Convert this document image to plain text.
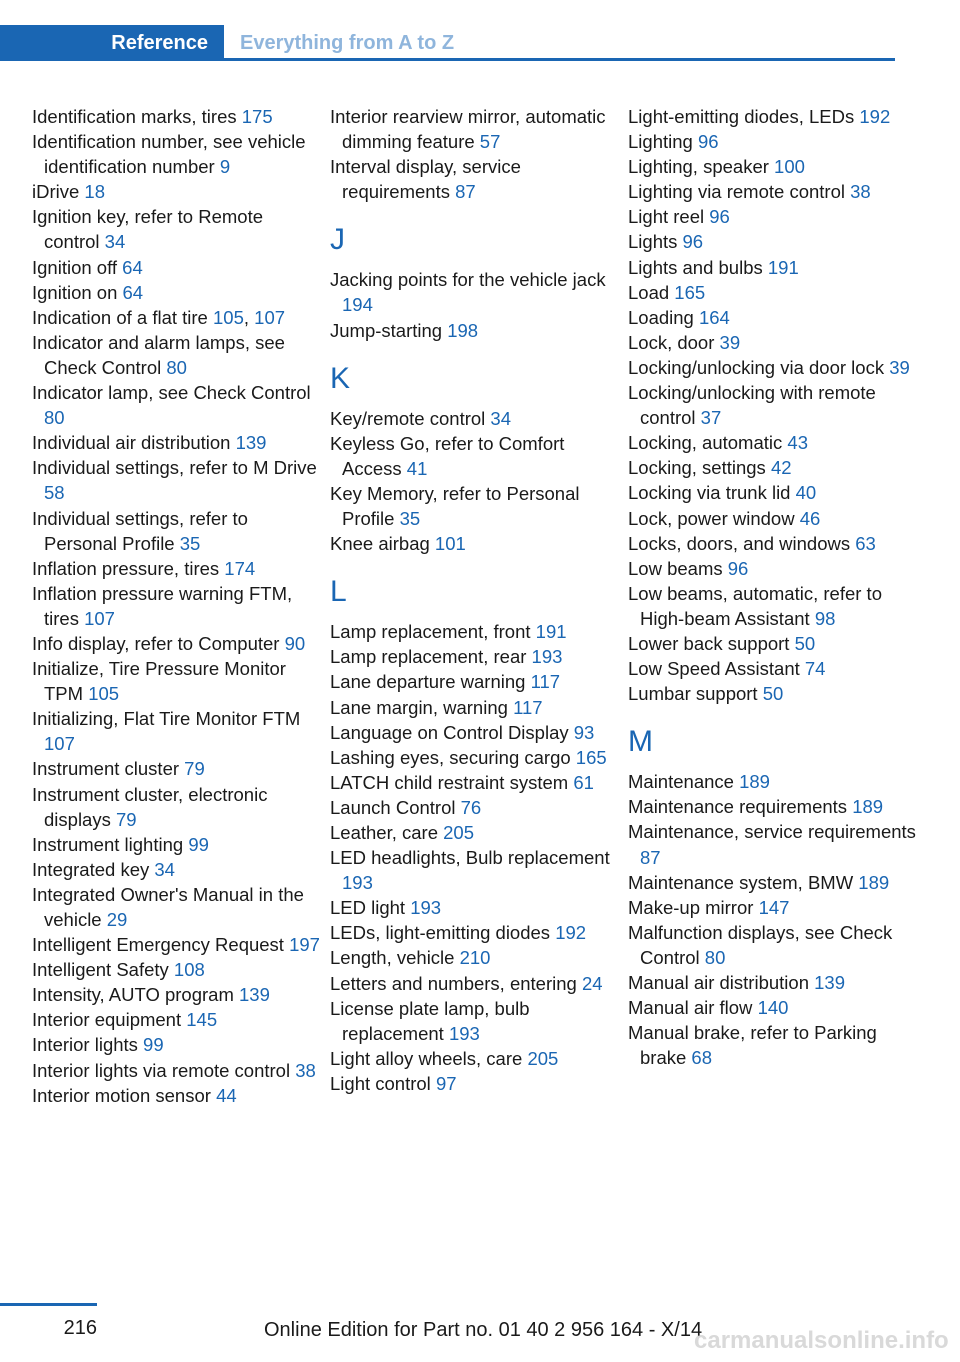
Reference	Everything from A to Z
Identification marks, tires 175
Identification number, see vehicle identification number 9
iDrive 18
Ignition key, refer to Remote control 34
Ignition off 64
Ignition on 64
Indication of a flat tire 105, 107
Indicator and alarm lamps, see Check Control 80
Indicator lamp, see Check Control 80
Individual air distribution 139
Individual settings, refer to M Drive 58
Individual settings, refer to Personal Profile 35
Inflation pressure, tires 174
Inflation pressure warning FTM, tires 107
Info display, refer to Computer 90
Initialize, Tire Pressure Monitor TPM 105
Initializing, Flat Tire Monitor FTM 107
Instrument cluster 79
Instrument cluster, electronic displays 79
Instrument lighting 99
Integrated key 34
Integrated Owner's Manual in the vehicle 29
Intelligent Emergency Request 197
Intelligent Safety 108
Intensity, AUTO program 139
Interior equipment 145
Interior lights 99
Interior lights via remote control 38
Interior motion sensor 44
Interior rearview mirror, automatic dimming feature 57
Interval display, service requirements 87
J
Jacking points for the vehicle jack 194
Jump-starting 198
K
Key/remote control 34
Keyless Go, refer to Comfort Access 41
Key Memory, refer to Personal Profile 35
Knee airbag 101
L
Lamp replacement, front 191
Lamp replacement, rear 193
Lane departure warning 117
Lane margin, warning 117
Language on Control Display 93
Lashing eyes, securing cargo 165
LATCH child restraint system 61
Launch Control 76
Leather, care 205
LED headlights, Bulb replacement 193
LED light 193
LEDs, light-emitting diodes 192
Length, vehicle 210
Letters and numbers, entering 24
License plate lamp, bulb replacement 193
Light alloy wheels, care 205
Light control 97
Light-emitting diodes, LEDs 192
Lighting 96
Lighting, speaker 100
Lighting via remote control 38
Light reel 96
Lights 96
Lights and bulbs 191
Load 165
Loading 164
Lock, door 39
Locking/unlocking via door lock 39
Locking/unlocking with remote control 37
Locking, automatic 43
Locking, settings 42
Locking via trunk lid 40
Lock, power window 46
Locks, doors, and windows 63
Low beams 96
Low beams, automatic, refer to High-beam Assistant 98
Lower back support 50
Low Speed Assistant 74
Lumbar support 50
M
Maintenance 189
Maintenance requirements 189
Maintenance, service requirements 87
Maintenance system, BMW 189
Make-up mirror 147
Malfunction displays, see Check Control 80
Manual air distribution 139
Manual air flow 140
Manual brake, refer to Parking brake 68
216	Online Edition for Part no. 01 40 2 956 164 - X/14
carmanualsonline.info
